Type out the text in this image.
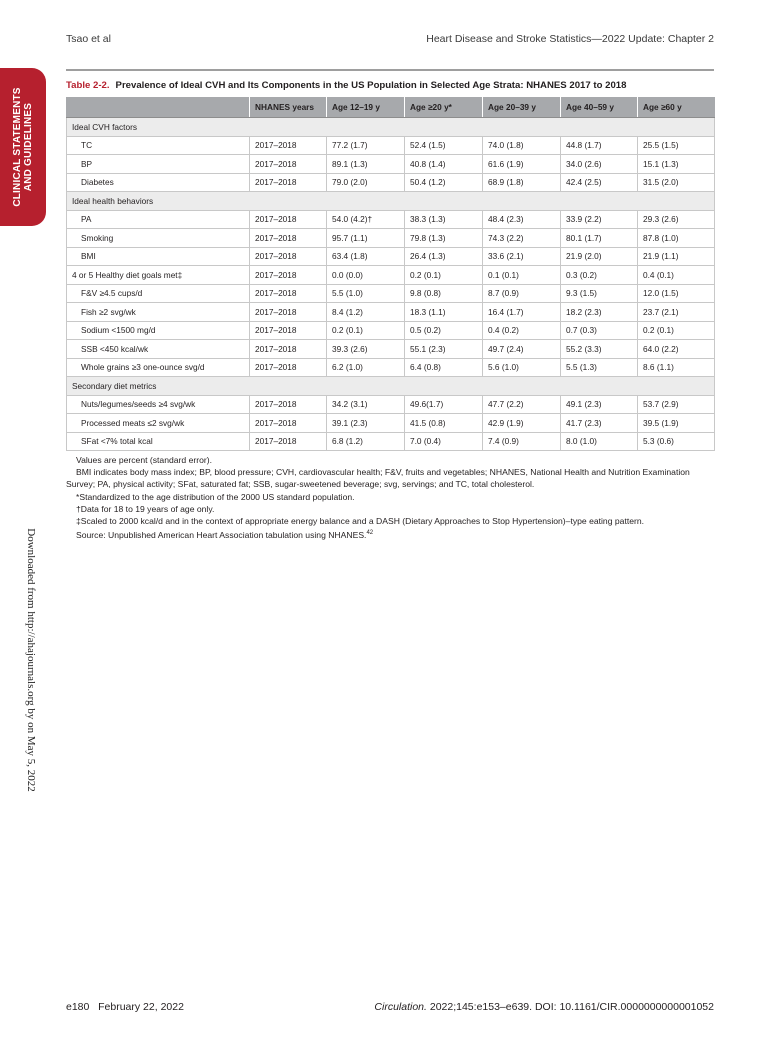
Tsao et al	Heart Disease and Stroke Statistics—2022 Update: Chapter 2
CLINICAL STATEMENTS AND GUIDELINES
Downloaded from http://ahajournals.org by on May 5, 2022
Table 2-2. Prevalence of Ideal CVH and Its Components in the US Population in Selected Age Strata: NHANES 2017 to 2018
	NHANES years	Age 12–19 y	Age ≥20 y*	Age 20–39 y	Age 40–59 y	Age ≥60 y
Ideal CVH factors						
TC	2017–2018	77.2 (1.7)	52.4 (1.5)	74.0 (1.8)	44.8 (1.7)	25.5 (1.5)
BP	2017–2018	89.1 (1.3)	40.8 (1.4)	61.6 (1.9)	34.0 (2.6)	15.1 (1.3)
Diabetes	2017–2018	79.0 (2.0)	50.4 (1.2)	68.9 (1.8)	42.4 (2.5)	31.5 (2.0)
Ideal health behaviors						
PA	2017–2018	54.0 (4.2)†	38.3 (1.3)	48.4 (2.3)	33.9 (2.2)	29.3 (2.6)
Smoking	2017–2018	95.7 (1.1)	79.8 (1.3)	74.3 (2.2)	80.1 (1.7)	87.8 (1.0)
BMI	2017–2018	63.4 (1.8)	26.4 (1.3)	33.6 (2.1)	21.9 (2.0)	21.9 (1.1)
4 or 5 Healthy diet goals met‡	2017–2018	0.0 (0.0)	0.2 (0.1)	0.1 (0.1)	0.3 (0.2)	0.4 (0.1)
F&V ≥4.5 cups/d	2017–2018	5.5 (1.0)	9.8 (0.8)	8.7 (0.9)	9.3 (1.5)	12.0 (1.5)
Fish ≥2 svg/wk	2017–2018	8.4 (1.2)	18.3 (1.1)	16.4 (1.7)	18.2 (2.3)	23.7 (2.1)
Sodium <1500 mg/d	2017–2018	0.2 (0.1)	0.5 (0.2)	0.4 (0.2)	0.7 (0.3)	0.2 (0.1)
SSB <450 kcal/wk	2017–2018	39.3 (2.6)	55.1 (2.3)	49.7 (2.4)	55.2 (3.3)	64.0 (2.2)
Whole grains ≥3 one-ounce svg/d	2017–2018	6.2 (1.0)	6.4 (0.8)	5.6 (1.0)	5.5 (1.3)	8.6 (1.1)
Secondary diet metrics						
Nuts/legumes/seeds ≥4 svg/wk	2017–2018	34.2 (3.1)	49.6(1.7)	47.7 (2.2)	49.1 (2.3)	53.7 (2.9)
Processed meats ≤2 svg/wk	2017–2018	39.1 (2.3)	41.5 (0.8)	42.9 (1.9)	41.7 (2.3)	39.5 (1.9)
SFat <7% total kcal	2017–2018	6.8 (1.2)	7.0 (0.4)	7.4 (0.9)	8.0 (1.0)	5.3 (0.6)

Values are percent (standard error).

BMI indicates body mass index; BP, blood pressure; CVH, cardiovascular health; F&V, fruits and vegetables; NHANES, National Health and Nutrition Examination Survey; PA, physical activity; SFat, saturated fat; SSB, sugar-sweetened beverage; svg, servings; and TC, total cholesterol.

*Standardized to the age distribution of the 2000 US standard population.

†Data for 18 to 19 years of age only.

‡Scaled to 2000 kcal/d and in the context of appropriate energy balance and a DASH (Dietary Approaches to Stop Hypertension)–type eating pattern.

Source: Unpublished American Heart Association tabulation using NHANES.$^{42}$

e180 February 22, 2022	Circulation. 2022;145:e153–e639. DOI: 10.1161/CIR.0000000000001052
